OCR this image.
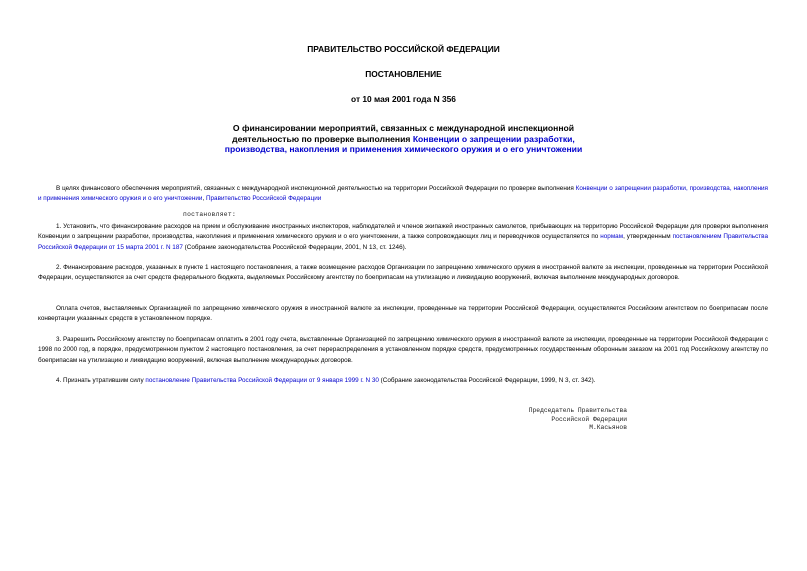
ПРАВИТЕЛЬСТВО РОССИЙСКОЙ ФЕДЕРАЦИИ
ПОСТАНОВЛЕНИЕ
от 10 мая 2001 года N 356
О финансировании мероприятий, связанных с международной инспекционной деятельностью по проверке выполнения Конвенции о запрещении разработки, производства, накопления и применения химического оружия и о его уничтожении
В целях финансового обеспечения мероприятий, связанных с международной инспекционной деятельностью на территории Российской Федерации по проверке выполнения Конвенции о запрещении разработки, производства, накопления и применения химического оружия и о его уничтожении, Правительство Российской Федерации
постановляет:
1. Установить, что финансирование расходов на прием и обслуживание иностранных инспекторов, наблюдателей и членов экипажей иностранных самолетов, прибывающих на территорию Российской Федерации для проверки выполнения Конвенции о запрещении разработки, производства, накопления и применения химического оружия и о его уничтожении, а также сопровождающих лиц и переводчиков осуществляется по нормам, утвержденным постановлением Правительства Российской Федерации от 15 марта 2001 г. N 187 (Собрание законодательства Российской Федерации, 2001, N 13, ст. 1246).
2. Финансирование расходов, указанных в пункте 1 настоящего постановления, а также возмещение расходов Организации по запрещению химического оружия в иностранной валюте за инспекции, проведенные на территории Российской Федерации, осуществляются за счет средств федерального бюджета, выделяемых Российскому агентству по боеприпасам на утилизацию и ликвидацию вооружений, включая выполнение международных договоров.
Оплата счетов, выставляемых Организацией по запрещению химического оружия в иностранной валюте за инспекции, проведенные на территории Российской Федерации, осуществляется Российским агентством по боеприпасам после конвертации указанных средств в установленном порядке.
3. Разрешить Российскому агентству по боеприпасам оплатить в 2001 году счета, выставленные Организацией по запрещению химического оружия в иностранной валюте за инспекции, проведенные на территории Российской Федерации с 1998 по 2000 год, в порядке, предусмотренном пунктом 2 настоящего постановления, за счет перераспределения в установленном порядке средств, предусмотренных государственным оборонным заказом на 2001 год Российскому агентству по боеприпасам на утилизацию и ликвидацию вооружений, включая выполнение международных договоров.
4. Признать утратившим силу постановление Правительства Российской Федерации от 9 января 1999 г. N 30 (Собрание законодательства Российской Федерации, 1999, N 3, ст. 342).
Председатель Правительства
Российской Федерации
М.Касьянов
